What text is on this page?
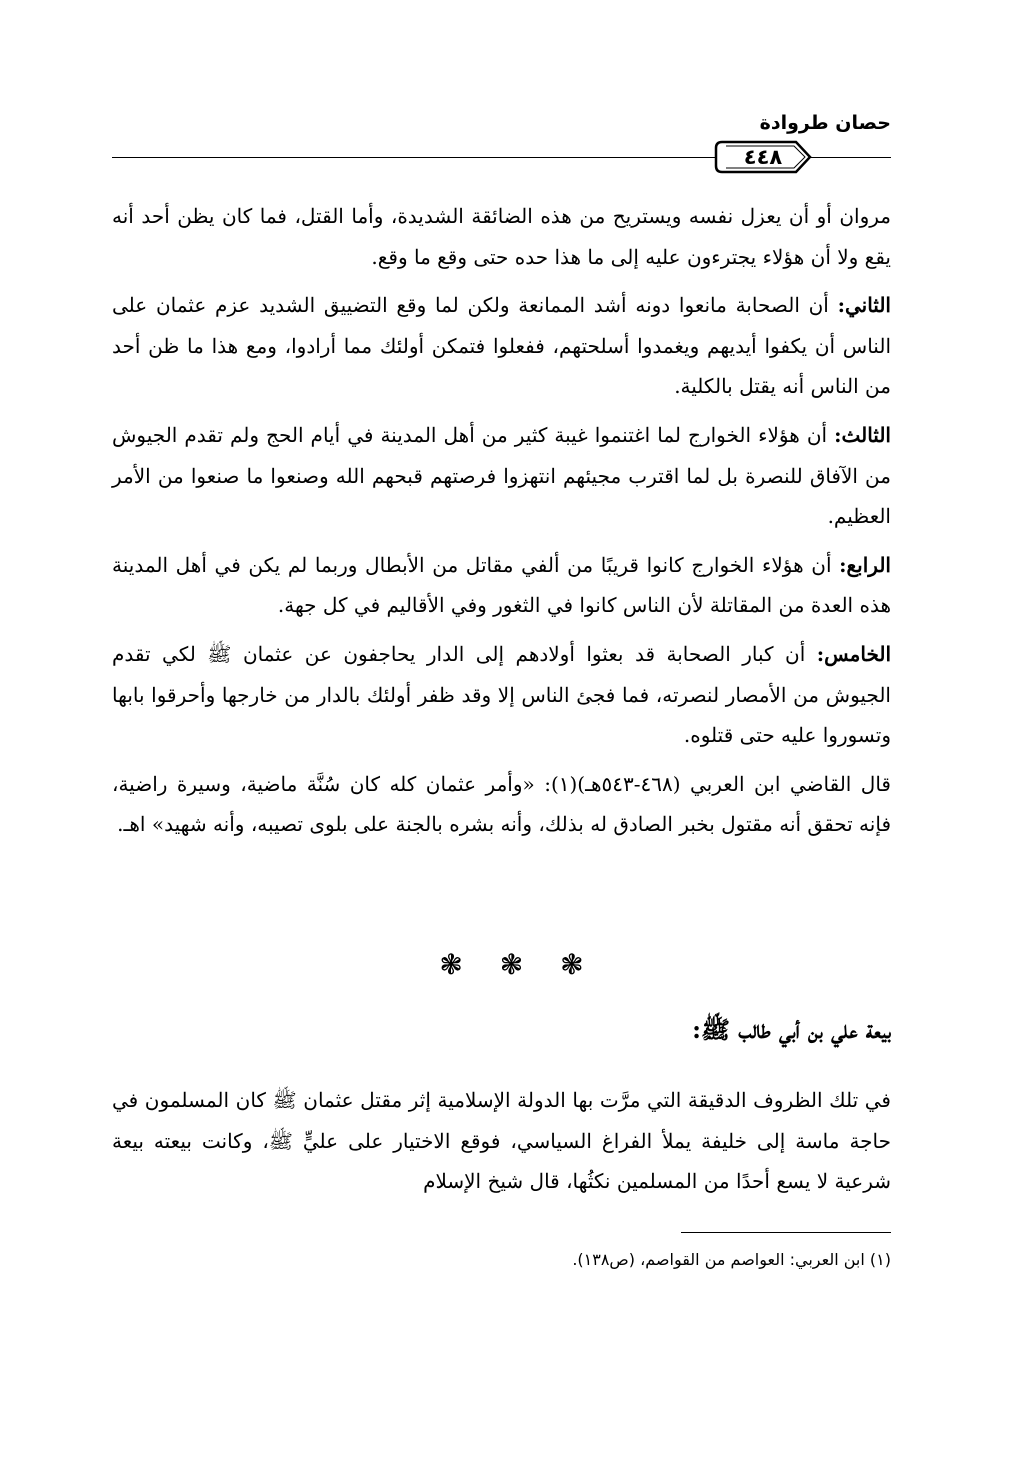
حصان طروادة
٤٤٨

مروان أو أن يعزل نفسه ويستريح من هذه الضائقة الشديدة، وأما القتل، فما كان يظن أحد أنه يقع ولا أن هؤلاء يجترءون عليه إلى ما هذا حده حتى وقع ما وقع.

الثاني: أن الصحابة مانعوا دونه أشد الممانعة ولكن لما وقع التضييق الشديد عزم عثمان على الناس أن يكفوا أيديهم ويغمدوا أسلحتهم، ففعلوا فتمكن أولئك مما أرادوا، ومع هذا ما ظن أحد من الناس أنه يقتل بالكلية.

الثالث: أن هؤلاء الخوارج لما اغتنموا غيبة كثير من أهل المدينة في أيام الحج ولم تقدم الجيوش من الآفاق للنصرة بل لما اقترب مجيئهم انتهزوا فرصتهم قبحهم الله وصنعوا ما صنعوا من الأمر العظيم.

الرابع: أن هؤلاء الخوارج كانوا قريبًا من ألفي مقاتل من الأبطال وربما لم يكن في أهل المدينة هذه العدة من المقاتلة لأن الناس كانوا في الثغور وفي الأقاليم في كل جهة.

الخامس: أن كبار الصحابة قد بعثوا أولادهم إلى الدار يحاجفون عن عثمان ﷺ لكي تقدم الجيوش من الأمصار لنصرته، فما فجئ الناس إلا وقد ظفر أولئك بالدار من خارجها وأحرقوا بابها وتسوروا عليه حتى قتلوه.

قال القاضي ابن العربي (٤٦٨-٥٤٣هـ)(١): «وأمر عثمان كله كان سُنَّة ماضية، وسيرة راضية، فإنه تحقق أنه مقتول بخبر الصادق له بذلك، وأنه بشره بالجنة على بلوى تصيبه، وأنه شهيد» اهـ.

❃ ❃ ❃
بيعة علي بن أبي طالب ﷺ:
في تلك الظروف الدقيقة التي مرَّت بها الدولة الإسلامية إثر مقتل عثمان ﷺ كان المسلمون في حاجة ماسة إلى خليفة يملأ الفراغ السياسي، فوقع الاختيار على عليٍّ ﷺ، وكانت بيعته بيعة شرعية لا يسع أحدًا من المسلمين نكثُها، قال شيخ الإسلام
(١) ابن العربي: العواصم من القواصم، (ص١٣٨).
